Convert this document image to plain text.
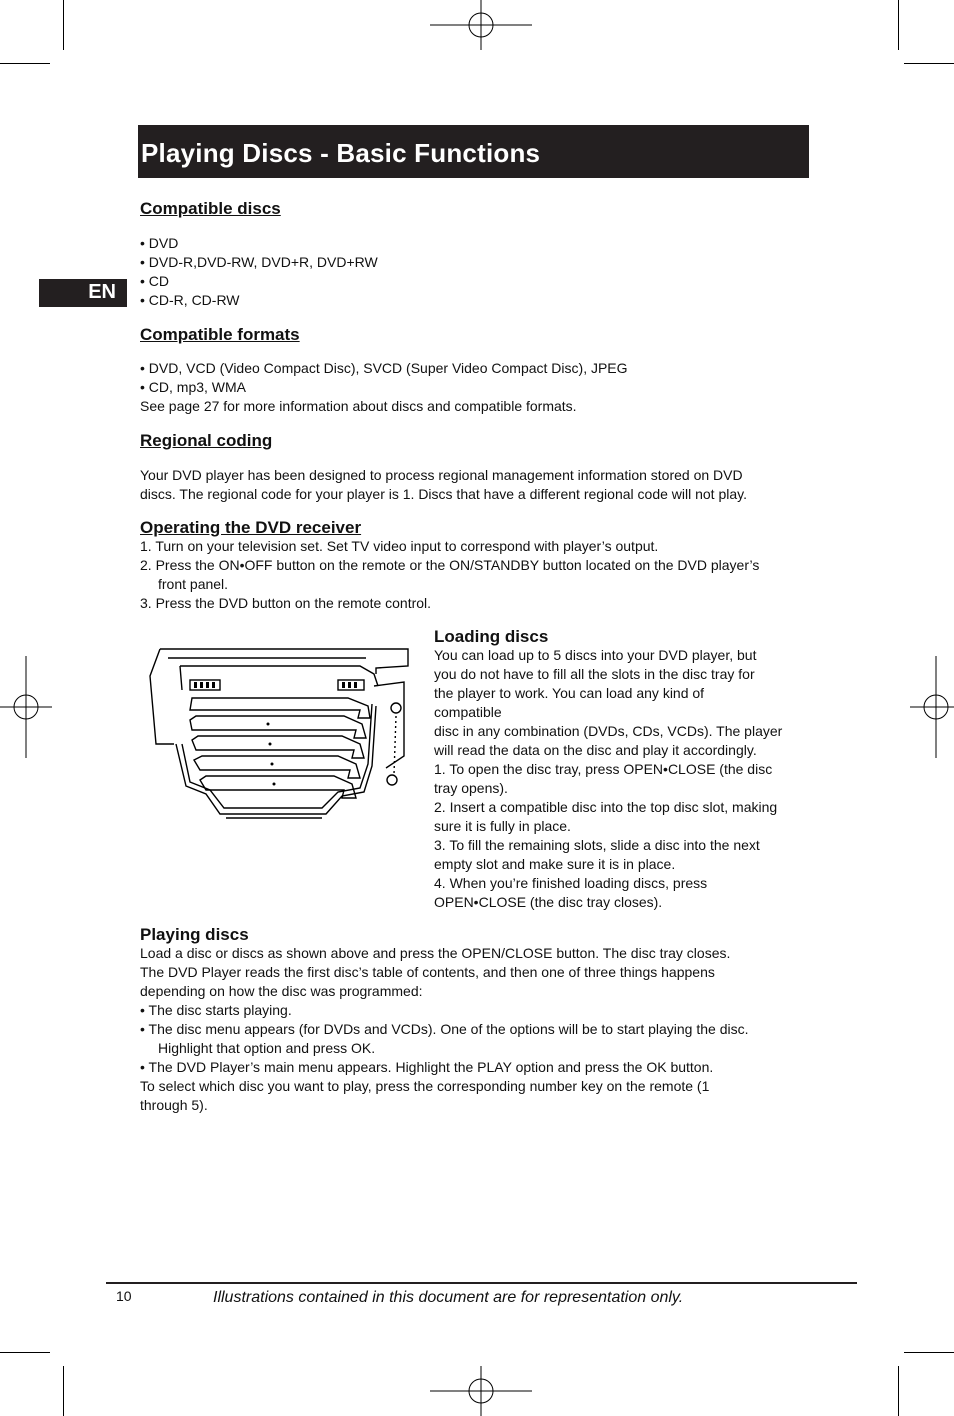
Playing Discs - Basic Functions
EN

Compatible discs

• DVD
• DVD-R,DVD-RW, DVD+R, DVD+RW
• CD
• CD-R, CD-RW

Compatible formats

• DVD, VCD (Video Compact Disc), SVCD (Super Video Compact Disc), JPEG
• CD, mp3, WMA
See page 27 for more information about discs and compatible formats.

Regional coding

Your DVD player has been designed to process regional management information stored on DVD
discs. The regional code for your player is 1. Discs that have a different regional code will not play.

Operating the DVD receiver

1. Turn on your television set. Set TV video input to correspond with player’s output.
2. Press the ON•OFF button on the remote or the ON/STANDBY button located on the DVD player’s
front panel.
3. Press the DVD button on the remote control.

Loading discs

You can load up to 5 discs into your DVD player, but
you do not have to fill all the slots in the disc tray for
the player to work. You can load any kind of
compatible
disc in any combination (DVDs, CDs, VCDs). The player
will read the data on the disc and play it accordingly.
1. To open the disc tray, press OPEN•CLOSE (the disc
tray opens).
2. Insert a compatible disc into the top disc slot, making
sure it is fully in place.
3. To fill the remaining slots, slide a disc into the next
empty slot and make sure it is in place.
4. When you’re finished loading discs, press
OPEN•CLOSE (the disc tray closes).

Playing discs

Load a disc or discs as shown above and press the OPEN/CLOSE button. The disc tray closes.
The DVD Player reads the first disc’s table of contents, and then one of three things happens
depending on how the disc was programmed:
• The disc starts playing.
• The disc menu appears (for DVDs and VCDs). One of the options will be to start playing the disc.
Highlight that option and press OK.
• The DVD Player’s main menu appears. Highlight the PLAY option and press the OK button.
To select which disc you want to play, press the corresponding number key on the remote (1
through 5).
10	Illustrations contained in this document are for representation only.
